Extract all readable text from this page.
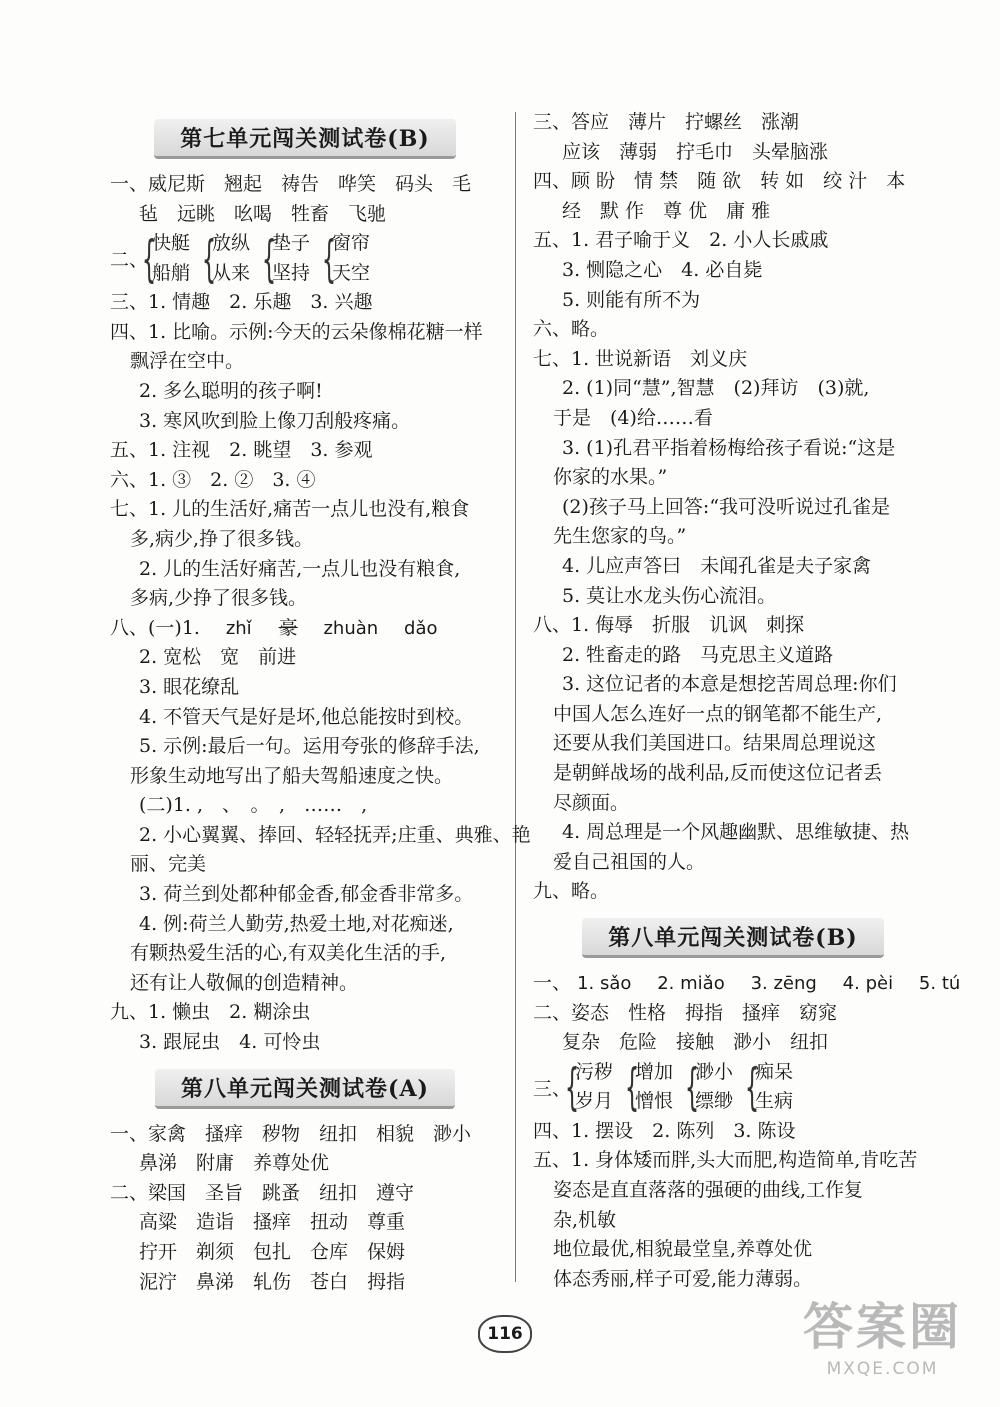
第七单元闯关测试卷(B)
一、威尼斯　翘起　祷告　哗笑　码头　毛
毡　远眺　吆喝　牲畜　飞驰
二、
{
快艇
船艄 {
放纵
从来 {
垫子
坚持 {
窗帘
天空
三、1. 情趣　2. 乐趣　3. 兴趣
四、1. 比喻。示例:今天的云朵像棉花糖一样
飘浮在空中。
2. 多么聪明的孩子啊!
3. 寒风吹到脸上像刀刮般疼痛。
五、1. 注视　2. 眺望　3. 参观
六、1. ③　2. ②　3. ④
七、1. 儿的生活好,痛苦一点儿也没有,粮食
多,病少,挣了很多钱。
2. 儿的生活好痛苦,一点儿也没有粮食,
多病,少挣了很多钱。
八、(一)1. zhǐ 豪 zhuàn dǎo
2. 宽松　宽　前进
3. 眼花缭乱
4. 不管天气是好是坏,他总能按时到校。
5. 示例:最后一句。运用夸张的修辞手法,
形象生动地写出了船夫驾船速度之快。
(二)1. ,　、　。　,　……　,
2. 小心翼翼、捧回、轻轻抚弄;庄重、典雅、艳
丽、完美
3. 荷兰到处都种郁金香,郁金香非常多。
4. 例:荷兰人勤劳,热爱土地,对花痴迷,
有颗热爱生活的心,有双美化生活的手,
还有让人敬佩的创造精神。
九、1. 懒虫　2. 糊涂虫
3. 跟屁虫　4. 可怜虫
第八单元闯关测试卷(A)
一、家禽　搔痒　秽物　纽扣　相貌　渺小
鼻涕　附庸　养尊处优
二、梁国　圣旨　跳蚤　纽扣　遵守
高粱　造诣　搔痒　扭动　尊重
拧开　剃须　包扎　仓库　保姆
泥泞　鼻涕　轧伤　苍白　拇指
三、答应　薄片　拧螺丝　涨潮
应该　薄弱　拧毛巾　头晕脑涨
四、顾 盼　情 禁　随 欲　转 如　绞 汁　本
经　默 作　尊 优　庸 雅
五、1. 君子喻于义　2. 小人长戚戚
3. 恻隐之心　4. 必自毙
5. 则能有所不为
六、略。
七、1. 世说新语　刘义庆
2. (1)同“慧”,智慧　(2)拜访　(3)就,
于是　(4)给……看
3. (1)孔君平指着杨梅给孩子看说:“这是
你家的水果。”
(2)孩子马上回答:“我可没听说过孔雀是
先生您家的鸟。”
4. 儿应声答曰　未闻孔雀是夫子家禽
5. 莫让水龙头伤心流泪。
八、1. 侮辱　折服　讥讽　刺探
2. 牲畜走的路　马克思主义道路
3. 这位记者的本意是想挖苦周总理:你们
中国人怎么连好一点的钢笔都不能生产,
还要从我们美国进口。结果周总理说这
是朝鲜战场的战利品,反而使这位记者丢
尽颜面。
4. 周总理是一个风趣幽默、思维敏捷、热
爱自己祖国的人。
九、略。
第八单元闯关测试卷(B)
一、 1. sǎo 2. miǎo 3. zēng 4. pèi 5. tú
二、姿态　性格　拇指　搔痒　窈窕
复杂　危险　接触　渺小　纽扣
三、
{
污秽
岁月 {
增加
憎恨 {
渺小
缥缈 {
痴呆
生病
四、1. 摆设　2. 陈列　3. 陈设
五、1. 身体矮而胖,头大而肥,构造简单,肯吃苦
姿态是直直落落的强硬的曲线,工作复
杂,机敏
地位最优,相貌最堂皇,养尊处优
体态秀丽,样子可爱,能力薄弱。
116	答案圈
MXQE.COM
